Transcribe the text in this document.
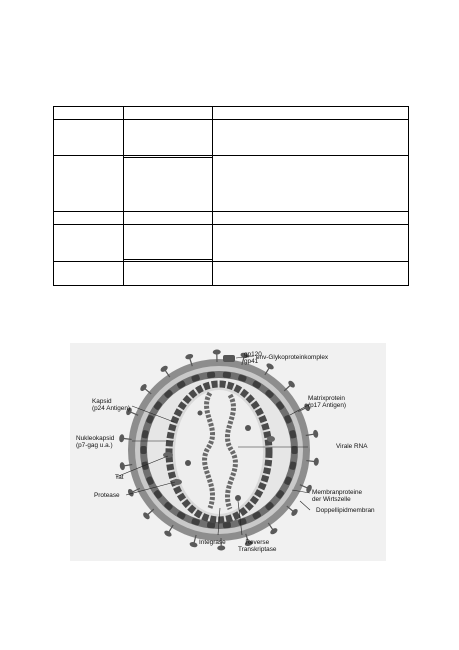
gp120
gp41
env-Glykoproteinkomplex
Kapsid
(p24 Antigen)
Nukleokapsid
(p7-gag u.a.)
Tat
Protease
Matrixprotein
(p17 Antigen)
Virale RNA
Membranproteine
der Wirtszelle
Doppellipidmembran
Integrase	Reverse
Transkriptase
